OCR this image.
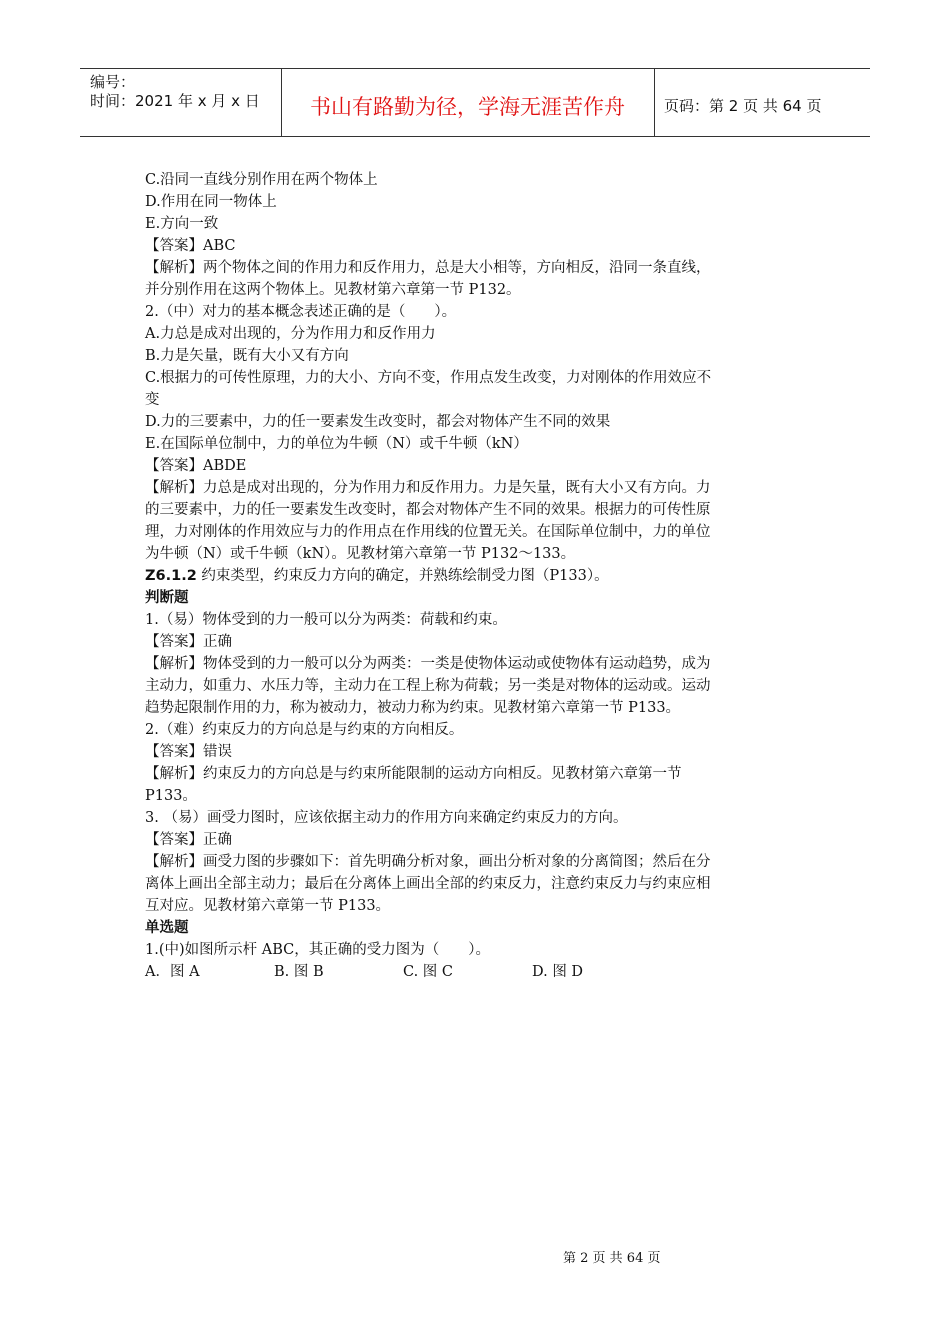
编号：
时间：2021 年 x 月 x 日	书山有路勤为径，学海无涯苦作舟	页码：第 2 页 共 64 页
C.沿同一直线分别作用在两个物体上
D.作用在同一物体上
E.方向一致
【答案】ABC
【解析】两个物体之间的作用力和反作用力，总是大小相等，方向相反，沿同一条直线，
并分别作用在这两个物体上。见教材第六章第一节 P132。
2.（中）对力的基本概念表述正确的是（　　）。
A.力总是成对出现的，分为作用力和反作用力
B.力是矢量，既有大小又有方向
C.根据力的可传性原理，力的大小、方向不变，作用点发生改变，力对刚体的作用效应不
变
D.力的三要素中，力的任一要素发生改变时，都会对物体产生不同的效果
E.在国际单位制中，力的单位为牛顿（N）或千牛顿（kN）
【答案】ABDE
【解析】力总是成对出现的，分为作用力和反作用力。力是矢量，既有大小又有方向。力
的三要素中，力的任一要素发生改变时，都会对物体产生不同的效果。根据力的可传性原
理，力对刚体的作用效应与力的作用点在作用线的位置无关。在国际单位制中，力的单位
为牛顿（N）或千牛顿（kN）。见教材第六章第一节 P132～133。
Z6.1.2 约束类型，约束反力方向的确定，并熟练绘制受力图（P133）。
判断题
1.（易）物体受到的力一般可以分为两类：荷载和约束。
【答案】正确
【解析】物体受到的力一般可以分为两类：一类是使物体运动或使物体有运动趋势，成为
主动力，如重力、水压力等，主动力在工程上称为荷载；另一类是对物体的运动或。运动
趋势起限制作用的力，称为被动力，被动力称为约束。见教材第六章第一节 P133。
2.（难）约束反力的方向总是与约束的方向相反。
【答案】错误
【解析】约束反力的方向总是与约束所能限制的运动方向相反。见教材第六章第一节
P133。
3. （易）画受力图时，应该依据主动力的作用方向来确定约束反力的方向。
【答案】正确
【解析】画受力图的步骤如下：首先明确分析对象，画出分析对象的分离简图；然后在分
离体上画出全部主动力；最后在分离体上画出全部的约束反力，注意约束反力与约束应相
互对应。见教材第六章第一节 P133。
单选题
1.(中)如图所示杆 ABC，其正确的受力图为（　　）。
A．图 A	B. 图 B	C. 图 C	D. 图 D
第 2 页 共 64 页
